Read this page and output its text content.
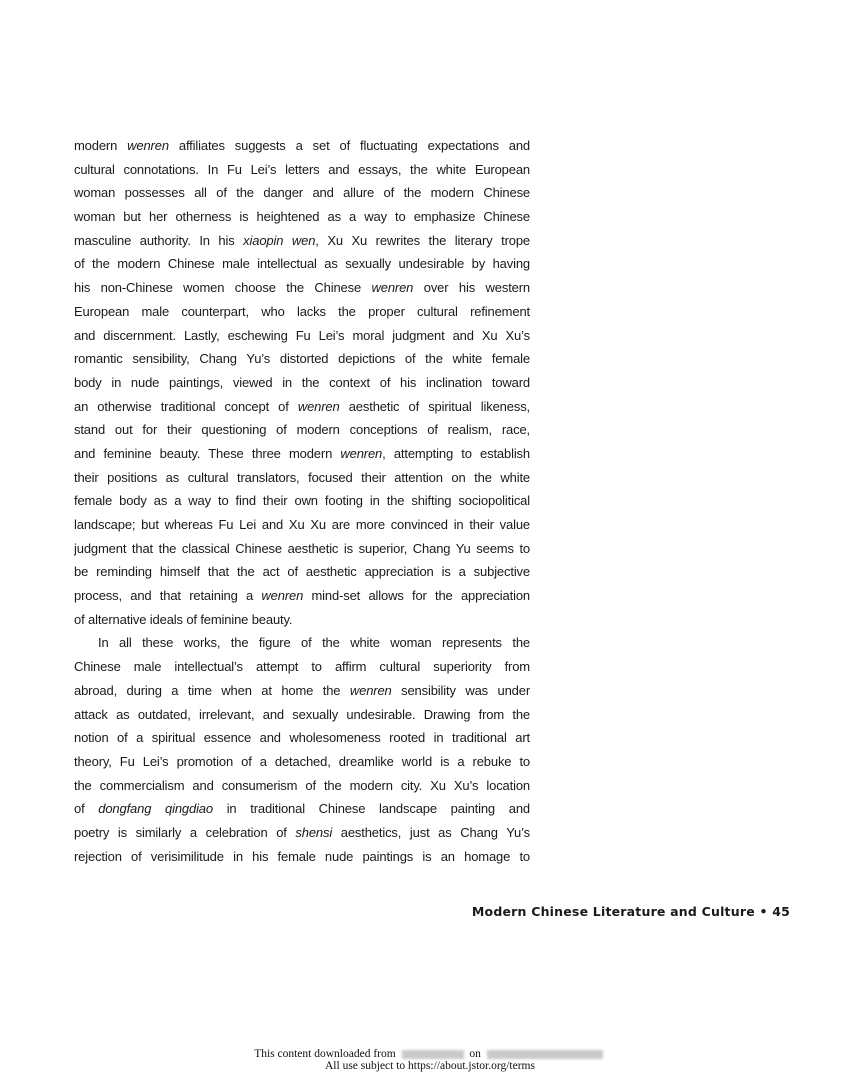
modern wenren affiliates suggests a set of fluctuating expectations and
cultural connotations. In Fu Lei’s letters and essays, the white European
woman possesses all of the danger and allure of the modern Chinese
woman but her otherness is heightened as a way to emphasize Chinese
masculine authority. In his xiaopin wen, Xu Xu rewrites the literary trope
of the modern Chinese male intellectual as sexually undesirable by having
his non-Chinese women choose the Chinese wenren over his western
European male counterpart, who lacks the proper cultural refinement
and discernment. Lastly, eschewing Fu Lei’s moral judgment and Xu Xu’s
romantic sensibility, Chang Yu’s distorted depictions of the white female
body in nude paintings, viewed in the context of his inclination toward
an otherwise traditional concept of wenren aesthetic of spiritual likeness,
stand out for their questioning of modern conceptions of realism, race,
and feminine beauty. These three modern wenren, attempting to establish
their positions as cultural translators, focused their attention on the white
female body as a way to find their own footing in the shifting sociopolitical
landscape; but whereas Fu Lei and Xu Xu are more convinced in their value
judgment that the classical Chinese aesthetic is superior, Chang Yu seems to
be reminding himself that the act of aesthetic appreciation is a subjective
process, and that retaining a wenren mind-set allows for the appreciation
of alternative ideals of feminine beauty.
In all these works, the figure of the white woman represents the
Chinese male intellectual’s attempt to affirm cultural superiority from
abroad, during a time when at home the wenren sensibility was under
attack as outdated, irrelevant, and sexually undesirable. Drawing from the
notion of a spiritual essence and wholesomeness rooted in traditional art
theory, Fu Lei’s promotion of a detached, dreamlike world is a rebuke to
the commercialism and consumerism of the modern city. Xu Xu’s location
of dongfang qingdiao in traditional Chinese landscape painting and
poetry is similarly a celebration of shensi aesthetics, just as Chang Yu’s
rejection of verisimilitude in his female nude paintings is an homage to
Modern Chinese Literature and Culture • 45
This content downloaded from	on
All use subject to https://about.jstor.org/terms
